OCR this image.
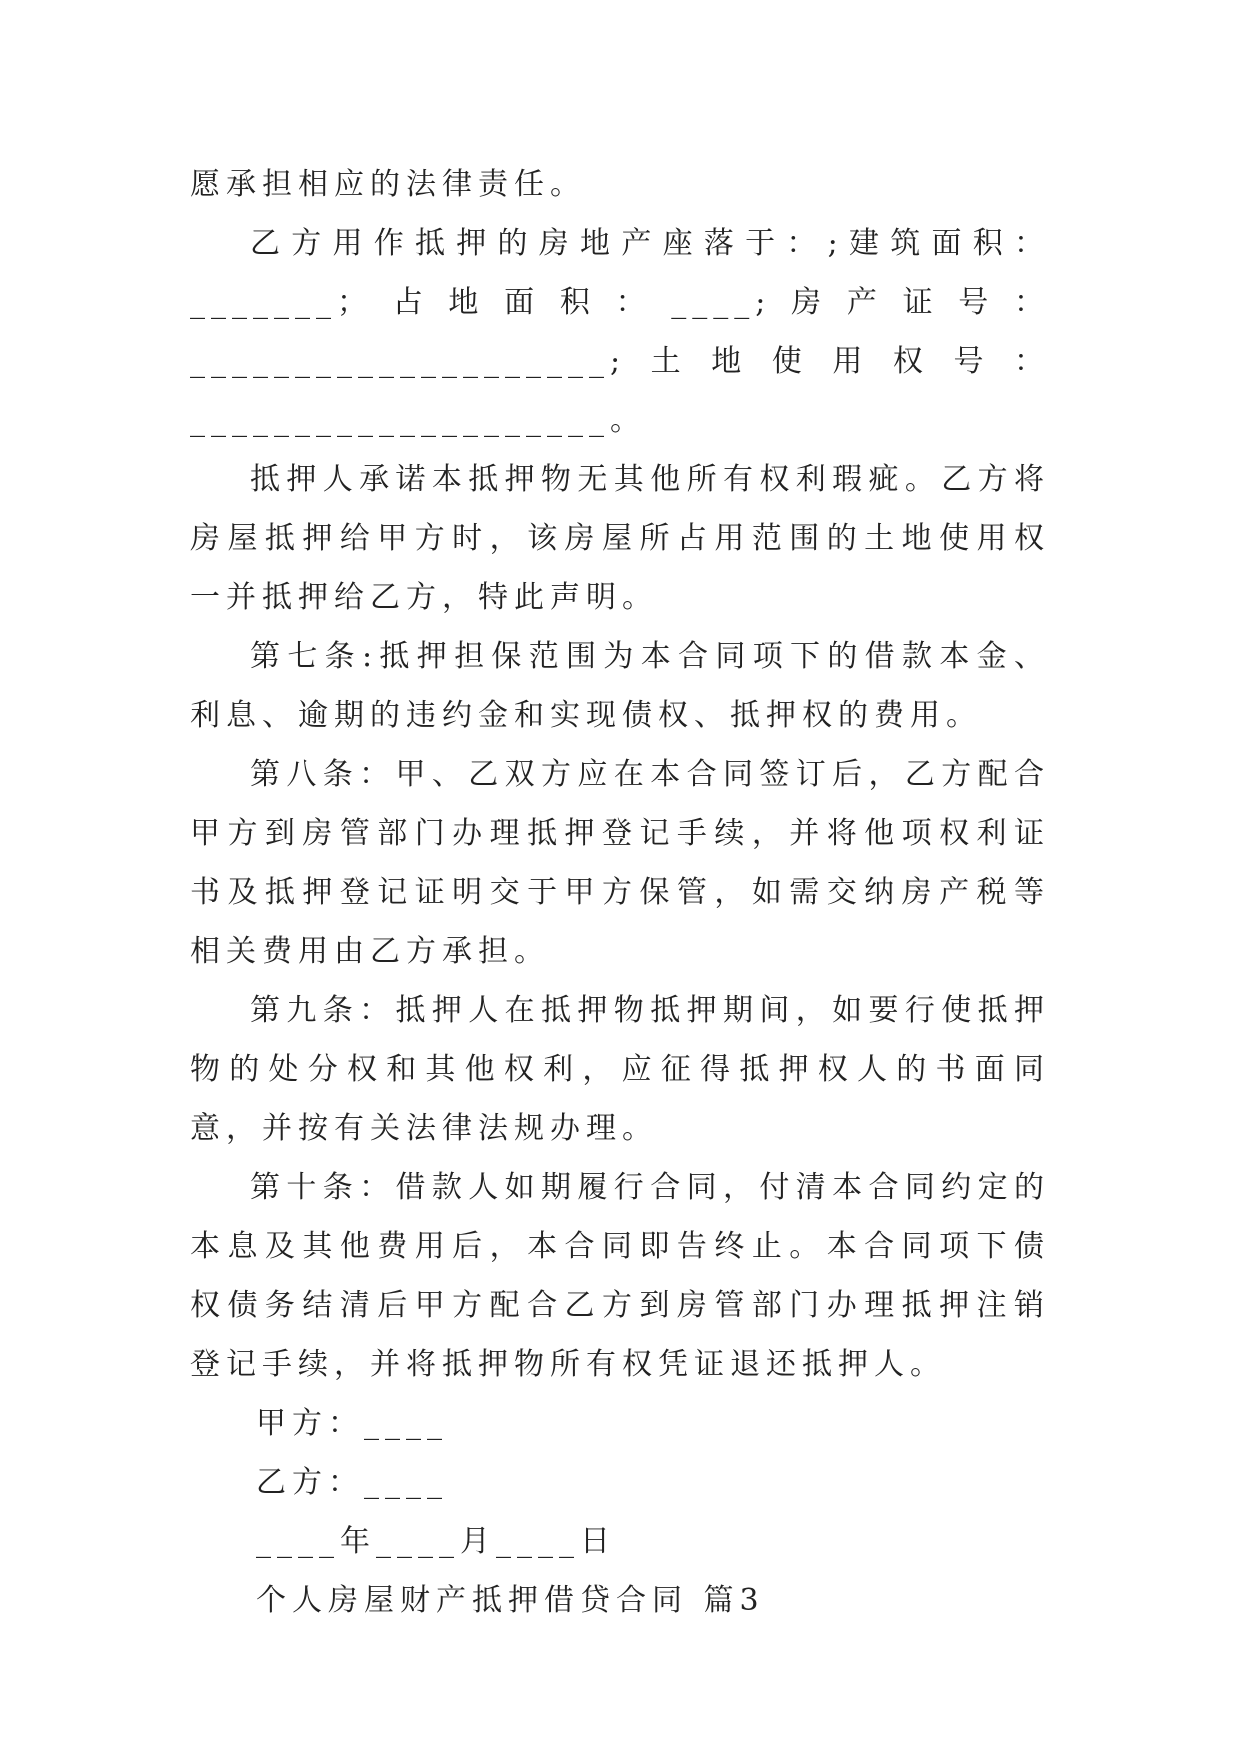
愿承担相应的法律责任。

乙方用作抵押的房地产座落于：;建筑面积：_______；占地面积：____;房产证号：____________________;土地使用权号：____________________。

抵押人承诺本抵押物无其他所有权利瑕疵。乙方将房屋抵押给甲方时，该房屋所占用范围的土地使用权一并抵押给乙方，特此声明。

第七条:抵押担保范围为本合同项下的借款本金、利息、逾期的违约金和实现债权、抵押权的费用。

第八条：甲、乙双方应在本合同签订后，乙方配合甲方到房管部门办理抵押登记手续，并将他项权利证书及抵押登记证明交于甲方保管，如需交纳房产税等相关费用由乙方承担。

第九条：抵押人在抵押物抵押期间，如要行使抵押物的处分权和其他权利，应征得抵押权人的书面同意，并按有关法律法规办理。

第十条：借款人如期履行合同，付清本合同约定的本息及其他费用后，本合同即告终止。本合同项下债权债务结清后甲方配合乙方到房管部门办理抵押注销登记手续，并将抵押物所有权凭证退还抵押人。

甲方：____

乙方：____

____年____月____日

个人房屋财产抵押借贷合同 篇3
